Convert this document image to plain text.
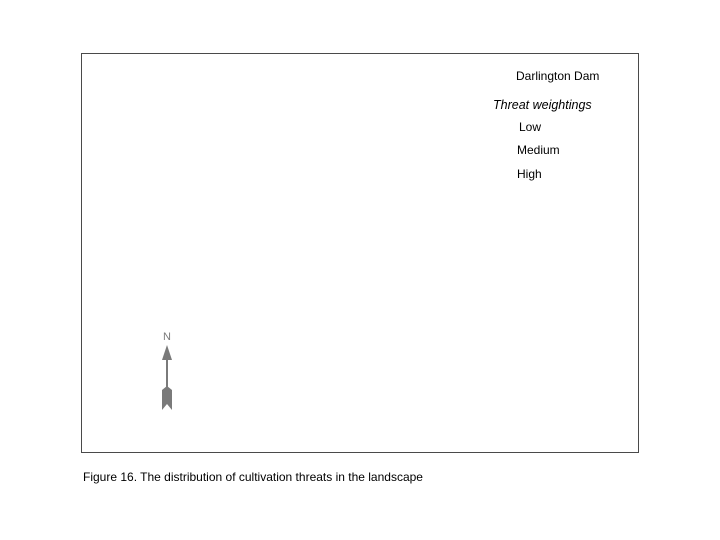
Darlington Dam
Threat weightings
Low
Medium
High
N
Figure 16. The distribution of cultivation threats in the landscape
